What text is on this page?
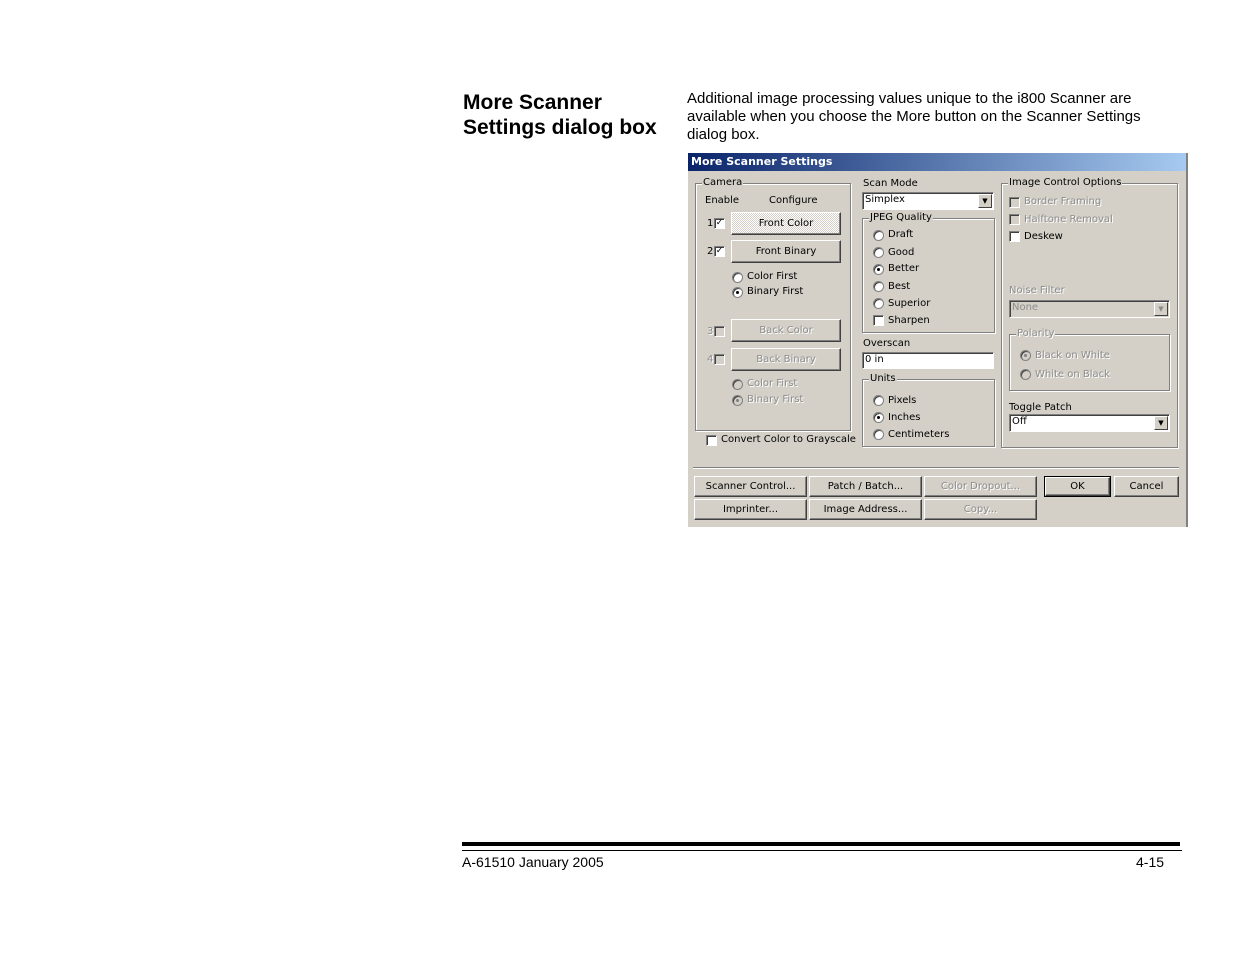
More Scanner Settings dialog box
Additional image processing values unique to the i800 Scanner are available when you choose the More button on the Scanner Settings dialog box.
More Scanner Settings
Camera
Enable	Configure
1 ✓	Front Color
2 ✓	Front Binary
Color First
Binary First
3	Back Color
4	Back Binary
Color First
Binary First
Convert Color to Grayscale
Scan Mode
Simplex	▼
JPEG Quality
Draft
Good
Better
Best
Superior
Sharpen
Overscan
0 in
Units
Pixels
Inches
Centimeters
Image Control Options
Border Framing
Halftone Removal
Deskew
Noise Filter
None	▼
Polarity
Black on White
White on Black
Toggle Patch
Off	▼
Scanner Control...	Patch / Batch...	Color Dropout...	OK	Cancel
Imprinter...	Image Address...	Copy...
A-61510 January 2005	4-15
